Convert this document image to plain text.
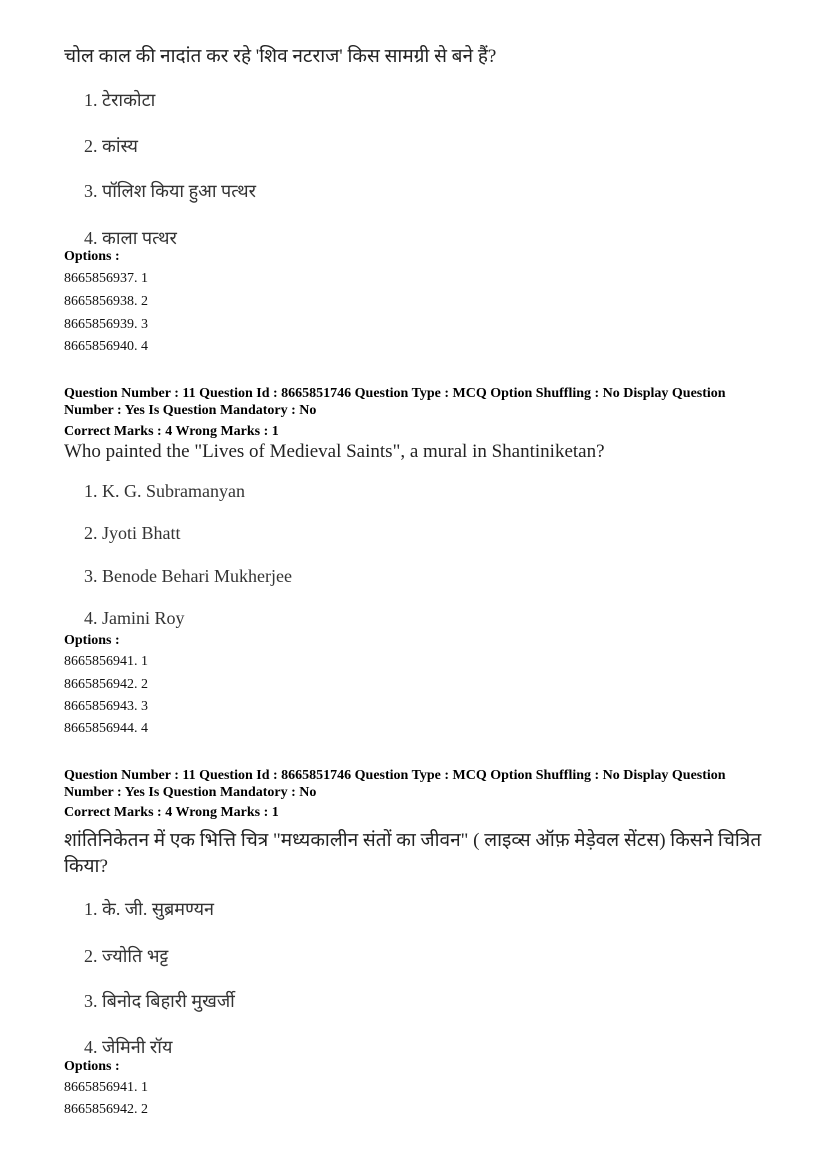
चोल काल की नादांत कर रहे 'शिव नटराज' किस सामग्री से बने हैं?
1. टेराकोटा
2. कांस्य
3. पॉलिश किया हुआ पत्थर
4. काला पत्थर
Options :
8665856937. 1
8665856938. 2
8665856939. 3
8665856940. 4
Question Number : 11 Question Id : 8665851746 Question Type : MCQ Option Shuffling : No Display Question
Number : Yes Is Question Mandatory : No
Correct Marks : 4 Wrong Marks : 1
Who painted the "Lives of Medieval Saints", a mural in Shantiniketan?
1. K. G. Subramanyan
2. Jyoti Bhatt
3. Benode Behari Mukherjee
4. Jamini Roy
Options :
8665856941. 1
8665856942. 2
8665856943. 3
8665856944. 4
Question Number : 11 Question Id : 8665851746 Question Type : MCQ Option Shuffling : No Display Question
Number : Yes Is Question Mandatory : No
Correct Marks : 4 Wrong Marks : 1
शांतिनिकेतन में एक भित्ति चित्र "मध्यकालीन संतों का जीवन" ( लाइव्स ऑफ़ मेड़ेवल सेंटस) किसने चित्रित
किया?
1. के. जी. सुब्रमण्यन
2. ज्योति भट्ट
3. बिनोद बिहारी मुखर्जी
4. जेमिनी रॉय
Options :
8665856941. 1
8665856942. 2
